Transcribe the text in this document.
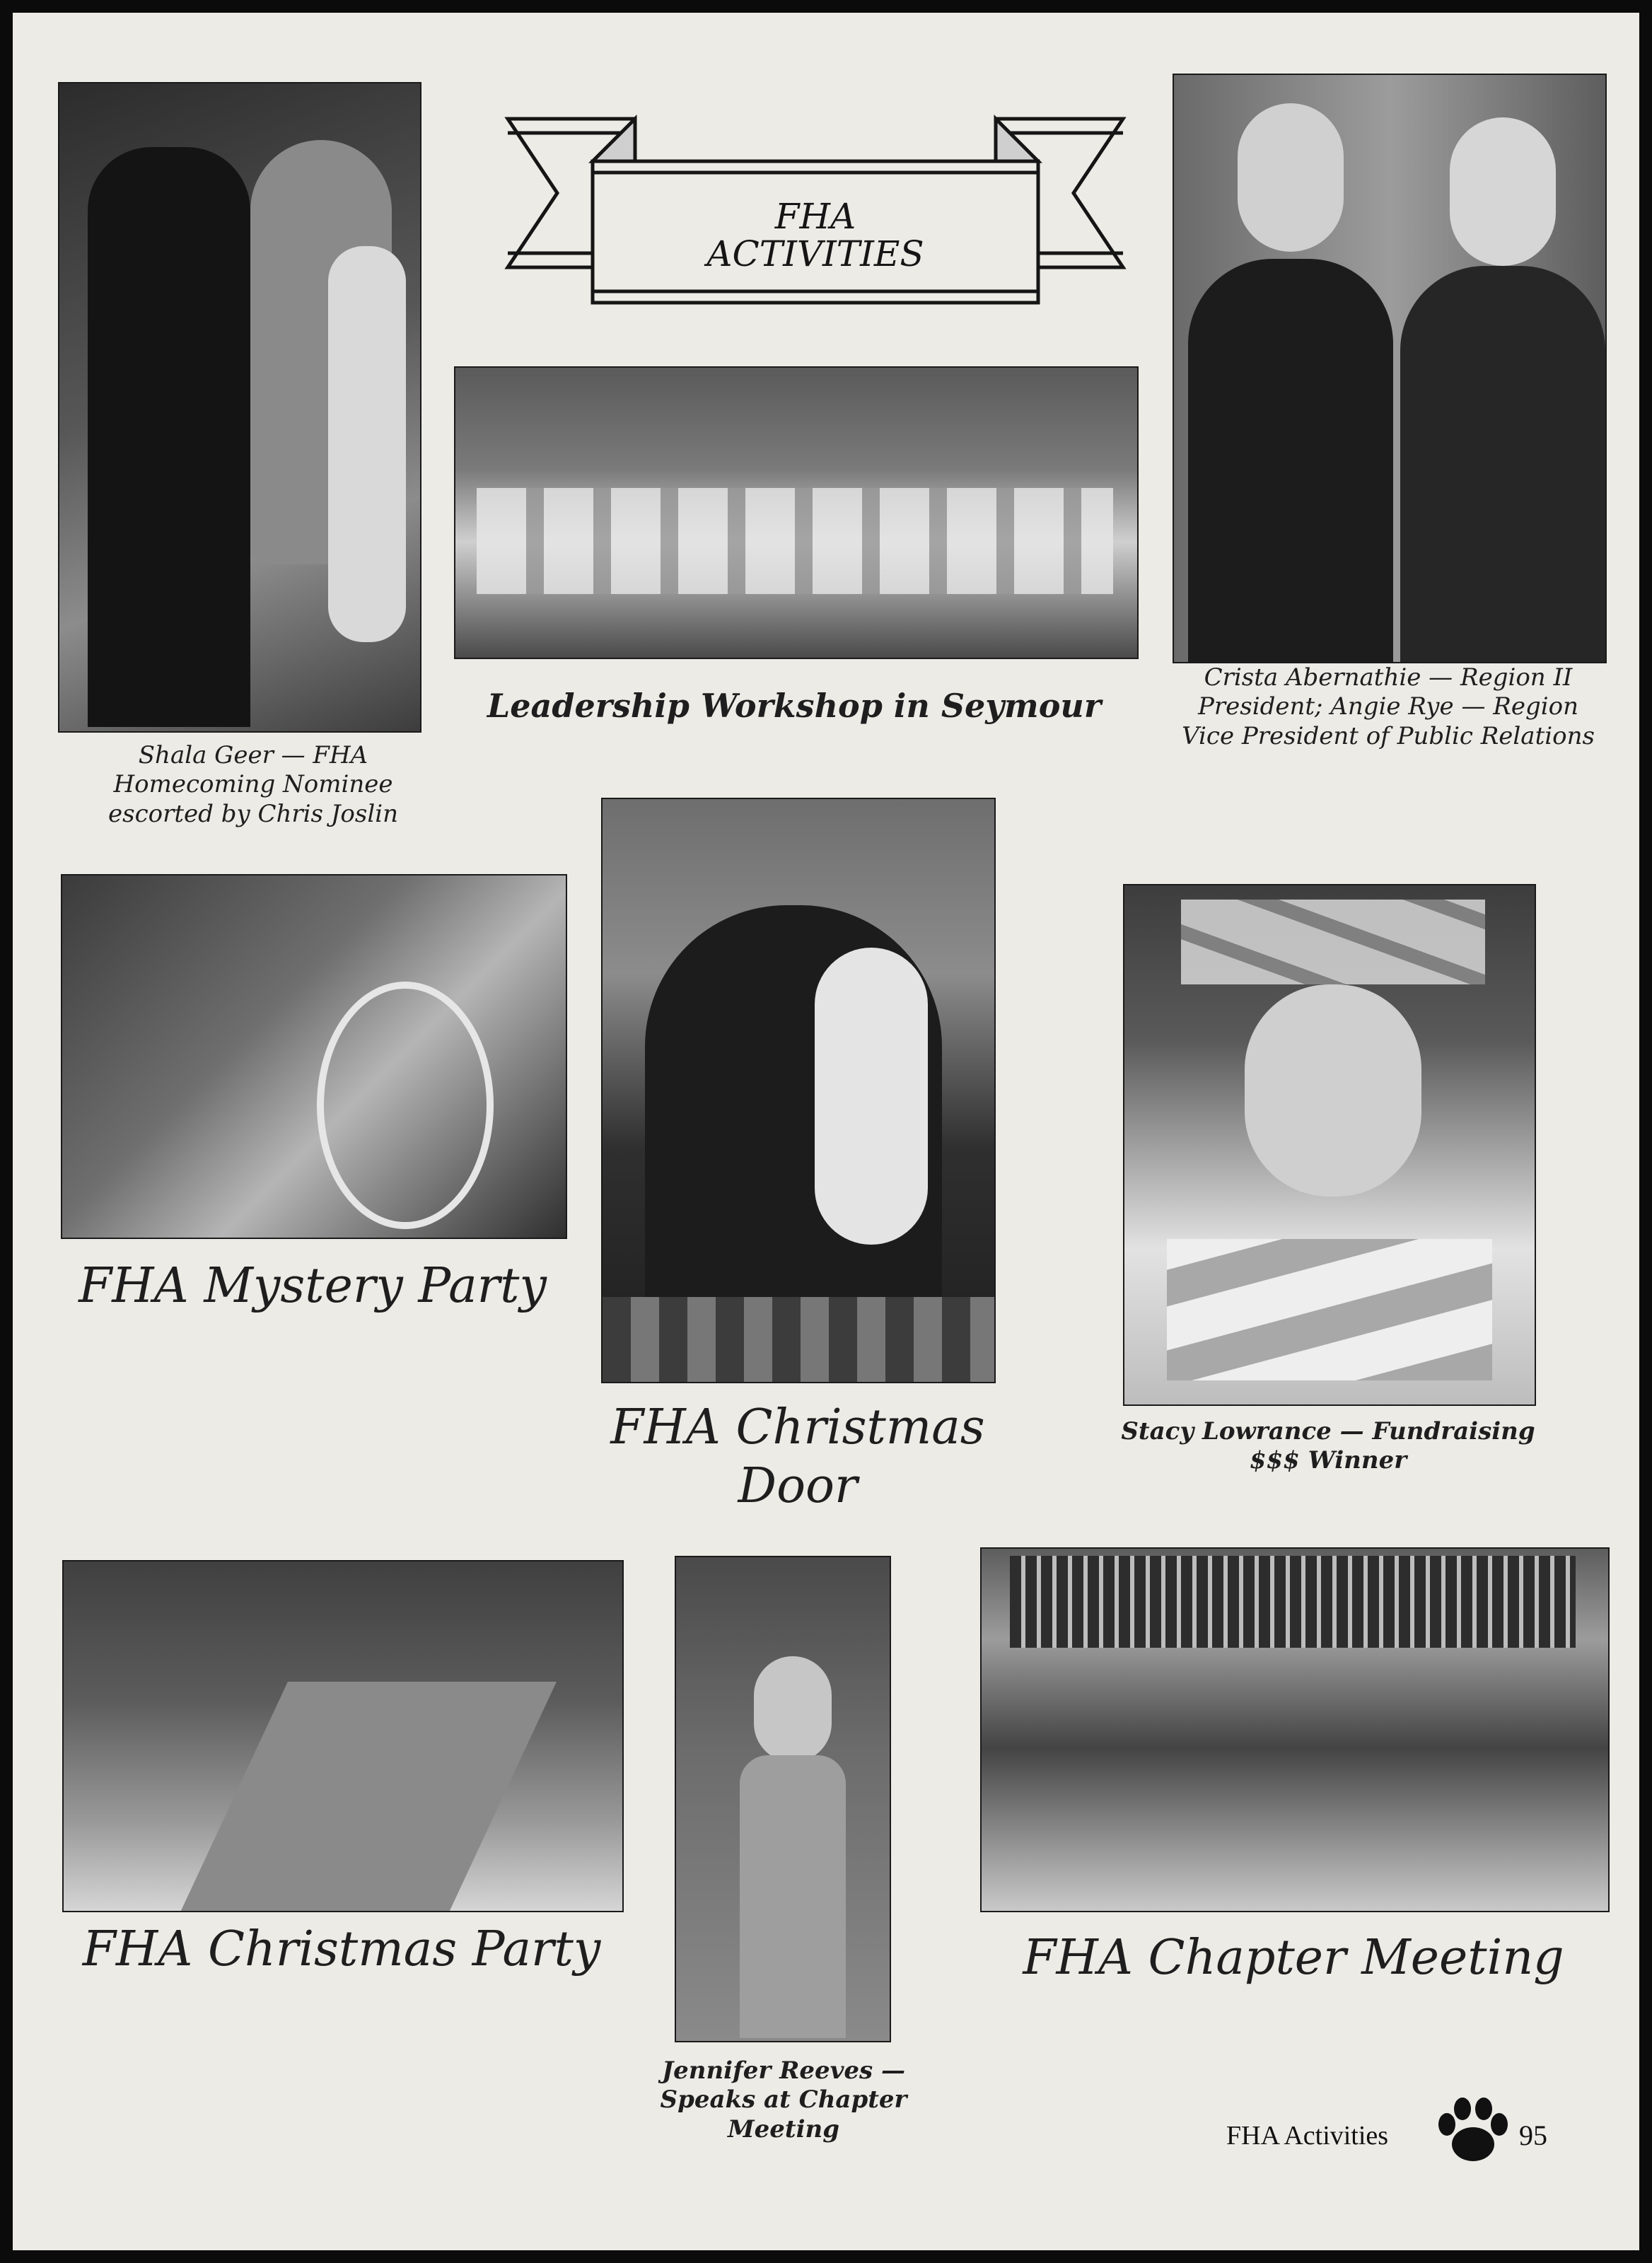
Shala Geer — FHA
Homecoming Nominee
escorted by Chris Joslin
FHA
ACTIVITIES
Leadership Workshop in Seymour
Crista Abernathie — Region II
President; Angie Rye — Region
Vice President of Public Relations
FHA Mystery Party
FHA Christmas
Door
Stacy Lowrance — Fundraising
$$$ Winner
FHA Christmas Party
Jennifer Reeves —
Speaks at Chapter
Meeting
FHA Chapter Meeting
FHA Activities	95
